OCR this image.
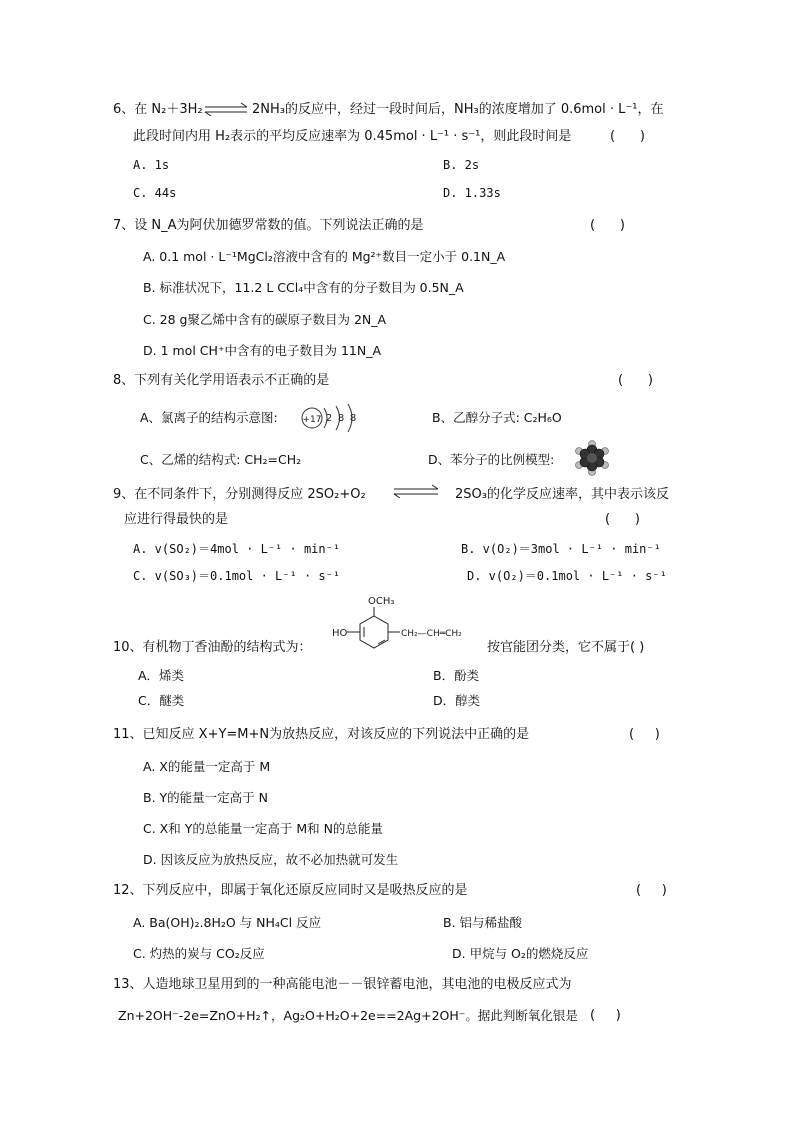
6、在 N₂＋3H₂ ⇌ 2NH₃的反应中，经过一段时间后，NH₃的浓度增加了 0.6mol · L⁻¹，在
此段时间内用 H₂表示的平均反应速率为 0.45mol · L⁻¹ · s⁻¹，则此段时间是	(      )
A. 1s	B. 2s
C. 44s	D. 1.33s
7、设 N_A为阿伏加德罗常数的值。下列说法正确的是	(      )
A. 0.1 mol · L⁻¹MgCl₂溶液中含有的 Mg²⁺数目一定小于 0.1N_A
B. 标准状况下，11.2 L CCl₄中含有的分子数目为 0.5N_A
C. 28 g聚乙烯中含有的碳原子数目为 2N_A
D. 1 mol CH⁺中含有的电子数目为 11N_A
8、下列有关化学用语表示不正确的是	(      )
A、氯离子的结构示意图:	+17 2 8 8	B、乙醇分子式: C₂H₆O
C、乙烯的结构式: CH₂=CH₂	D、苯分子的比例模型:
9、在不同条件下，分别测得反应 2SO₂+O₂ ⇌ 2SO₃的化学反应速率，其中表示该反
应进行得最快的是	(      )
A. v(SO₂)＝4mol · L⁻¹ · min⁻¹	B. v(O₂)＝3mol · L⁻¹ · min⁻¹
C. v(SO₃)＝0.1mol · L⁻¹ · s⁻¹	D. v(O₂)＝0.1mol · L⁻¹ · s⁻¹
10、有机物丁香油酚的结构式为：
OCH₃
HO	CH₂—CH═CH₂
按官能团分类，它不属于( )
A．烯类	B．酚类
C．醚类	D．醇类
11、已知反应 X+Y=M+N为放热反应，对该反应的下列说法中正确的是	(     )
A. X的能量一定高于 M
B. Y的能量一定高于 N
C. X和 Y的总能量一定高于 M和 N的总能量
D. 因该反应为放热反应，故不必加热就可发生
12、下列反应中，即属于氧化还原反应同时又是吸热反应的是	(     )
A. Ba(OH)₂.8H₂O 与 NH₄Cl 反应	B. 铝与稀盐酸
C. 灼热的炭与 CO₂反应	D. 甲烷与 O₂的燃烧反应
13、人造地球卫星用到的一种高能电池－－银锌蓄电池，其电池的电极反应式为
Zn+2OH⁻-2e=ZnO+H₂↑，Ag₂O+H₂O+2e==2Ag+2OH⁻。据此判断氧化银是 (     )
